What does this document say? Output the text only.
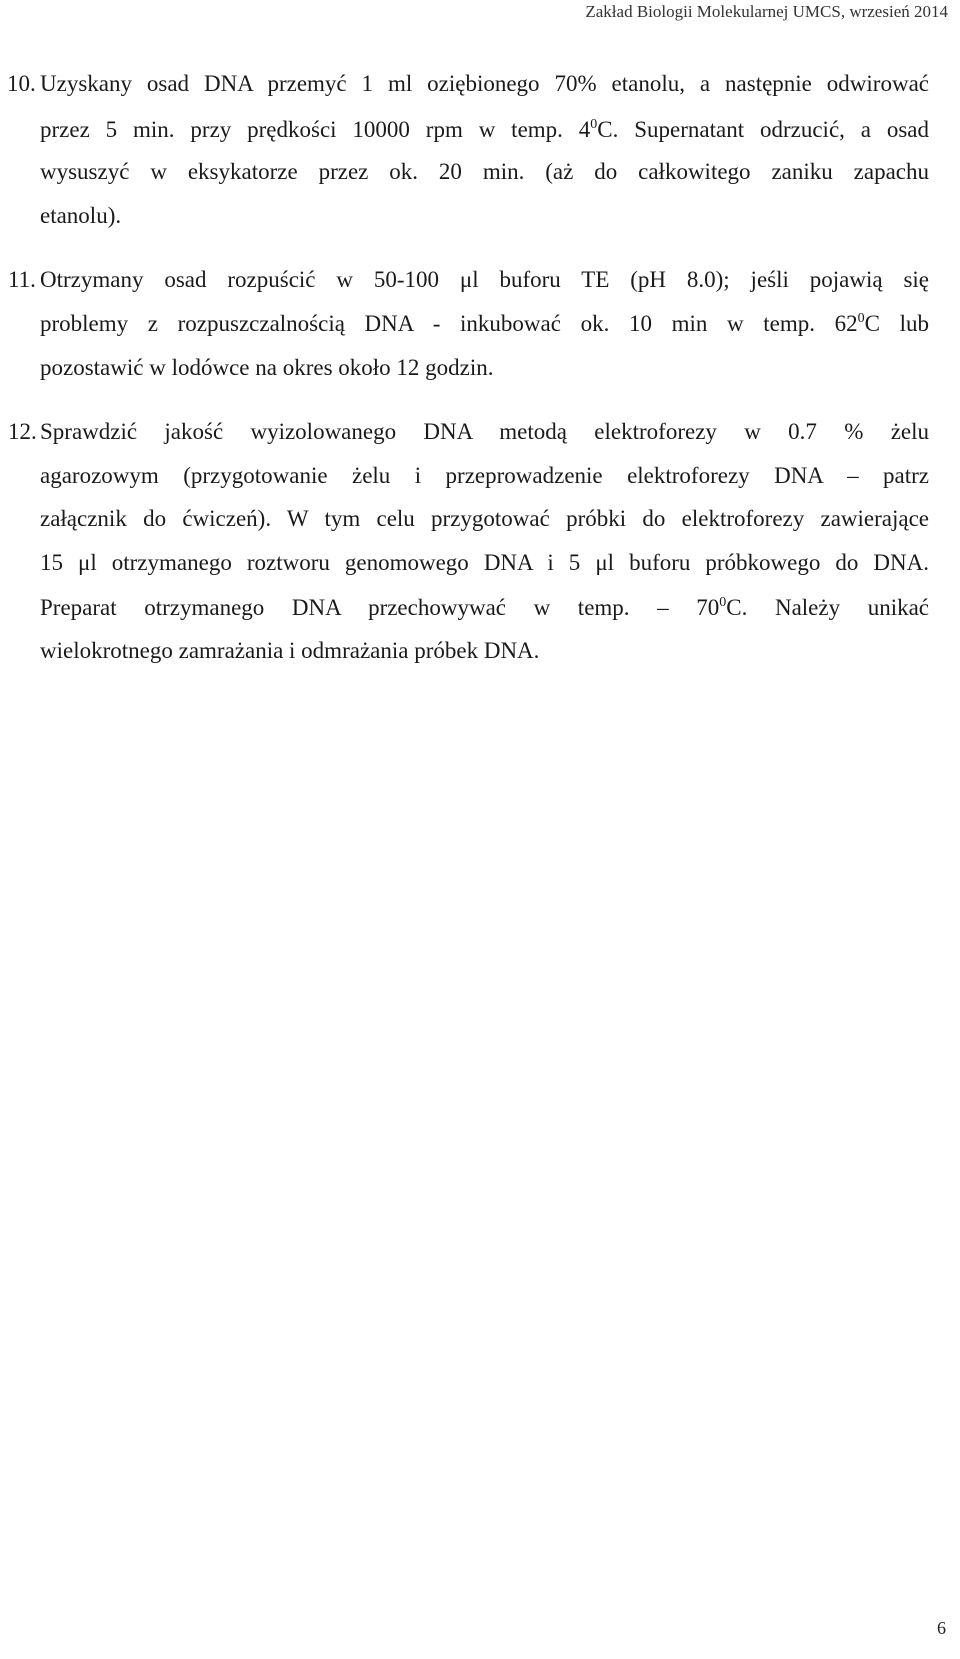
Zakład Biologii Molekularnej UMCS, wrzesień 2014
10. Uzyskany osad DNA przemyć 1 ml oziębionego 70% etanolu, a następnie odwirować
przez 5 min. przy prędkości 10000 rpm w temp. $4^0C$. Supernatant odrzucić, a osad
wysuszyć w eksykatorze przez ok. 20 min. (aż do całkowitego zaniku zapachu
etanolu).
11. Otrzymany osad rozpuścić w 50-100 μl buforu TE (pH 8.0); jeśli pojawią się
problemy z rozpuszczalnością DNA - inkubować ok. 10 min w temp. $62^0C$ lub
pozostawić w lodówce na okres około 12 godzin.
12. Sprawdzić jakość wyizolowanego DNA metodą elektroforezy w 0.7 % żelu
agarozowym (przygotowanie żelu i przeprowadzenie elektroforezy DNA – patrz
załącznik do ćwiczeń). W tym celu przygotować próbki do elektroforezy zawierające
15 μl otrzymanego roztworu genomowego DNA i 5 μl buforu próbkowego do DNA.
Preparat otrzymanego DNA przechowywać w temp. – $70^0C$. Należy unikać
wielokrotnego zamrażania i odmrażania próbek DNA.
6
